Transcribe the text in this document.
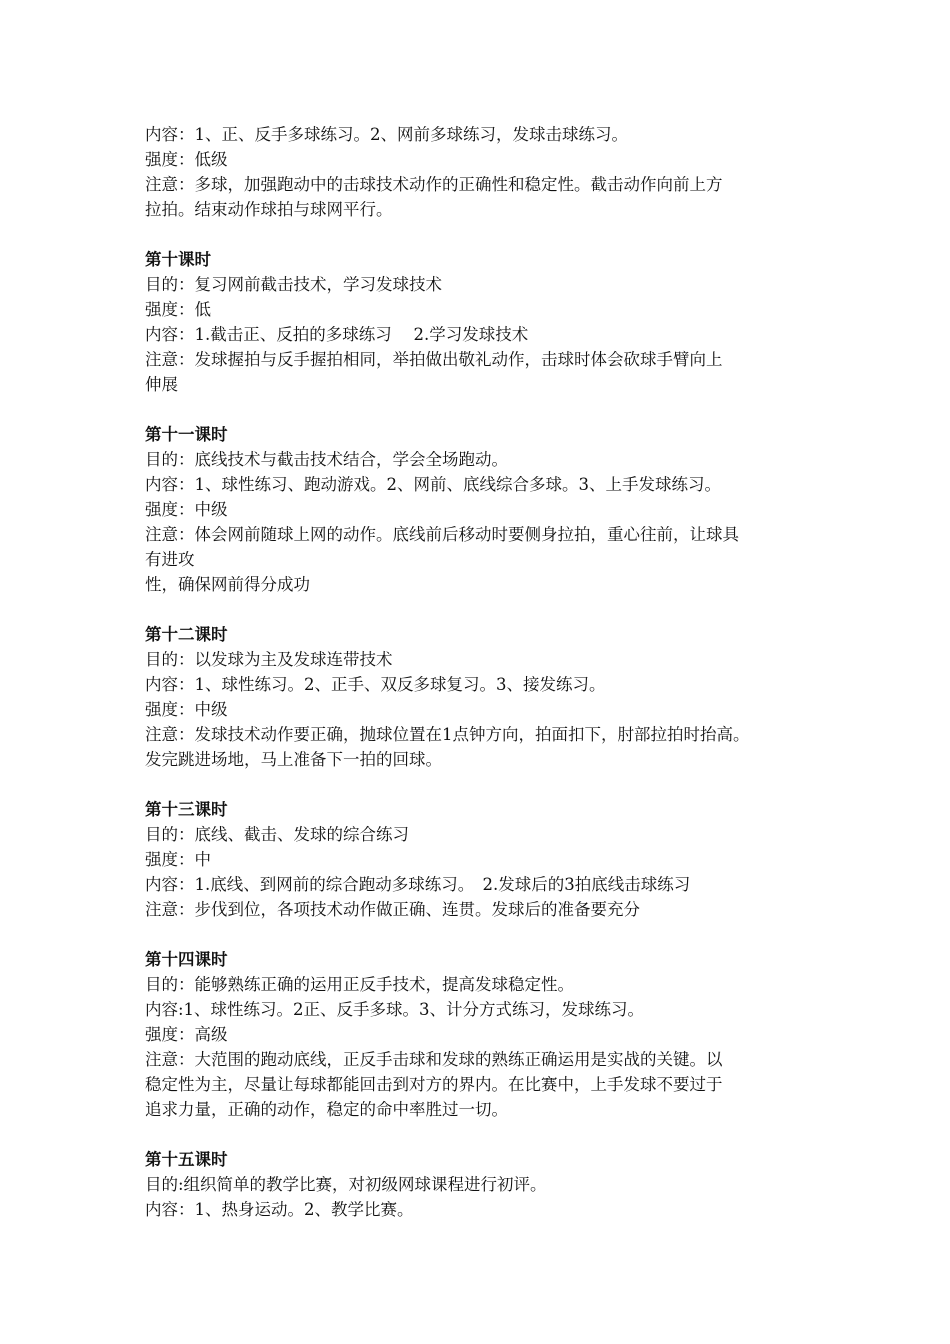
内容：1、正、反手多球练习。2、网前多球练习，发球击球练习。
强度：低级
注意：多球，加强跑动中的击球技术动作的正确性和稳定性。截击动作向前上方
拉拍。结束动作球拍与球网平行。
第十课时
目的：复习网前截击技术，学习发球技术
强度：低
内容：1.截击正、反拍的多球练习　 2.学习发球技术
注意：发球握拍与反手握拍相同，举拍做出敬礼动作，击球时体会砍球手臂向上
伸展
第十一课时
目的：底线技术与截击技术结合，学会全场跑动。
内容：1、球性练习、跑动游戏。2、网前、底线综合多球。3、上手发球练习。
强度：中级
注意：体会网前随球上网的动作。底线前后移动时要侧身拉拍，重心往前，让球具
有进攻
性，确保网前得分成功
第十二课时
目的：以发球为主及发球连带技术
内容：1、球性练习。2、正手、双反多球复习。3、接发练习。
强度：中级
注意：发球技术动作要正确，抛球位置在1点钟方向，拍面扣下，肘部拉拍时抬高。
发完跳进场地，马上准备下一拍的回球。
第十三课时
目的：底线、截击、发球的综合练习
强度：中
内容：1.底线、到网前的综合跑动多球练习。　2.发球后的3拍底线击球练习
注意：步伐到位，各项技术动作做正确、连贯。发球后的准备要充分
第十四课时
目的：能够熟练正确的运用正反手技术，提高发球稳定性。
内容:1、球性练习。2正、反手多球。3、计分方式练习，发球练习。
强度：高级
注意：大范围的跑动底线，正反手击球和发球的熟练正确运用是实战的关键。以
稳定性为主，尽量让每球都能回击到对方的界内。在比赛中，上手发球不要过于
追求力量，正确的动作，稳定的命中率胜过一切。
第十五课时
目的:组织简单的教学比赛，对初级网球课程进行初评。
内容：1、热身运动。2、教学比赛。
